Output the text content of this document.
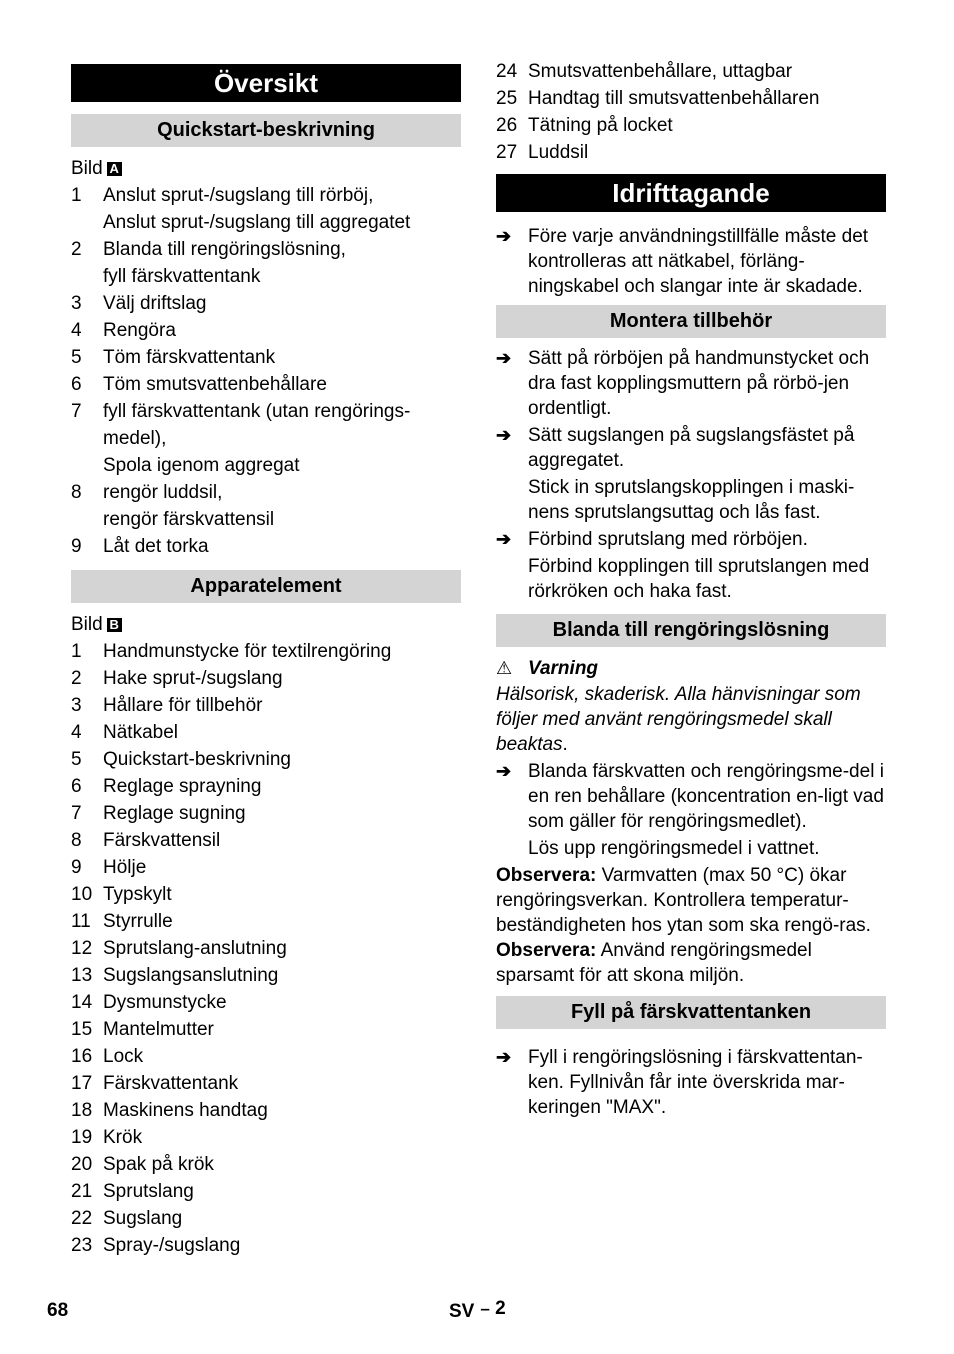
Översikt
Quickstart-beskrivning
Bild A
1	Anslut sprut-/sugslang till rörböj,
Anslut sprut-/sugslang till aggregatet
2	Blanda till rengöringslösning,
fyll färskvattentank
3	Välj driftslag
4	Rengöra
5	Töm färskvattentank
6	Töm smutsvattenbehållare
7	fyll färskvattentank (utan rengörings-medel),
Spola igenom aggregat
8	rengör luddsil,
rengör färskvattensil
9	Låt det torka
Apparatelement
Bild B
1	Handmunstycke för textilrengöring
2	Hake sprut-/sugslang
3	Hållare för tillbehör
4	Nätkabel
5	Quickstart-beskrivning
6	Reglage sprayning
7	Reglage sugning
8	Färskvattensil
9	Hölje
10 Typskylt
11 Styrrulle
12 Sprutslang-anslutning
13 Sugslangsanslutning
14 Dysmunstycke
15 Mantelmutter
16 Lock
17 Färskvattentank
18 Maskinens handtag
19 Krök
20 Spak på krök
21 Sprutslang
22 Sugslang
23 Spray-/sugslang
24 Smutsvattenbehållare, uttagbar
25 Handtag till smutsvattenbehållaren
26 Tätning på locket
27 Luddsil
Idrifttagande
➔ Före varje användningstillfälle måste det kontrolleras att nätkabel, förläng-ningskabel och slangar inte är skadade.
Montera tillbehör
➔ Sätt på rörböjen på handmunstycket och dra fast kopplingsmuttern på rörbö-jen ordentligt.
➔ Sätt sugslangen på sugslangsfästet på aggregatet.
Stick in sprutslangskopplingen i maski-nens sprutslangsuttag och lås fast.
➔ Förbind sprutslang med rörböjen.
Förbind kopplingen till sprutslangen med rörkröken och haka fast.
Blanda till rengöringslösning
⚠ Varning
Hälsorisk, skaderisk. Alla hänvisningar som följer med använt rengöringsmedel skall beaktas.
➔ Blanda färskvatten och rengöringsme-del i en ren behållare (koncentration en-ligt vad som gäller för rengöringsmedlet).
Lös upp rengöringsmedel i vattnet.
Observera: Varmvatten (max 50 °C) ökar rengöringsverkan. Kontrollera temperatur-beständigheten hos ytan som ska rengö-ras.
Observera: Använd rengöringsmedel sparsamt för att skona miljön.
Fyll på färskvattentanken
➔ Fyll i rengöringslösning i färskvattentan-ken. Fyllnivån får inte överskrida mar-keringen "MAX".
68	SV – 2
